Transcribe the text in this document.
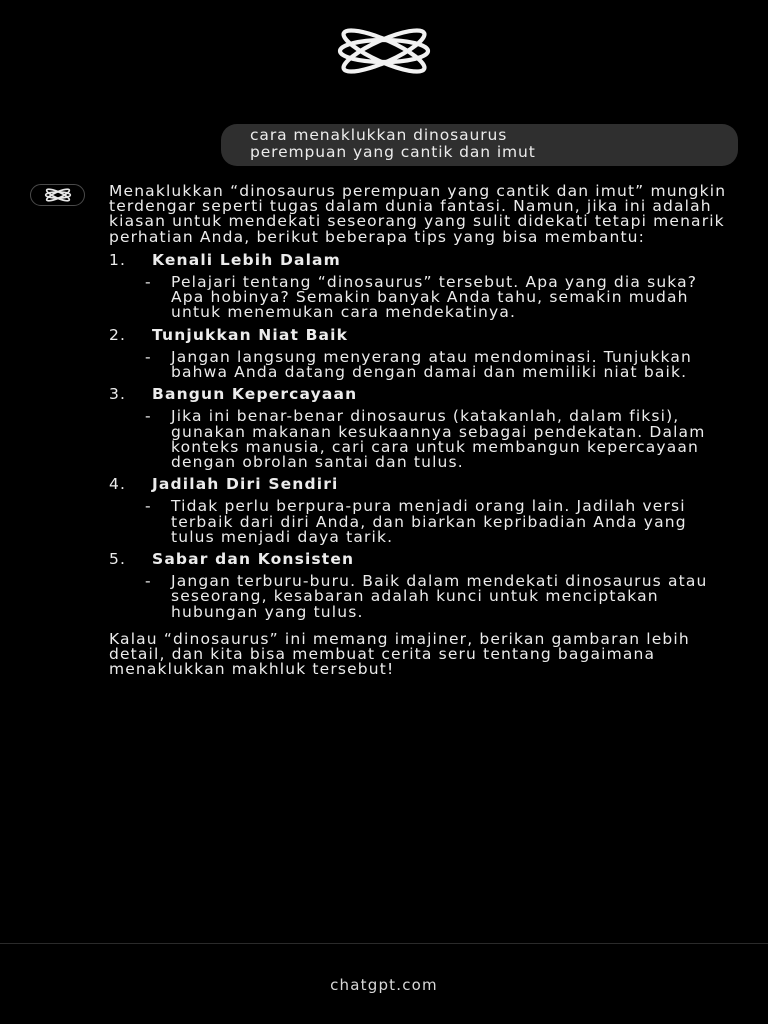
cara menaklukkan dinosaurus
perempuan yang cantik dan imut

Menaklukkan “dinosaurus perempuan yang cantik dan imut” mungkin terdengar seperti tugas dalam dunia fantasi. Namun, jika ini adalah kiasan untuk mendekati seseorang yang sulit didekati tetapi menarik perhatian Anda, berikut beberapa tips yang bisa membantu:

1.	Kenali Lebih Dalam
- Pelajari tentang “dinosaurus” tersebut. Apa yang dia suka? Apa hobinya? Semakin banyak Anda tahu, semakin mudah untuk menemukan cara mendekatinya.
2.	Tunjukkan Niat Baik
- Jangan langsung menyerang atau mendominasi. Tunjukkan bahwa Anda datang dengan damai dan memiliki niat baik.
3.	Bangun Kepercayaan
- Jika ini benar-benar dinosaurus (katakanlah, dalam fiksi), gunakan makanan kesukaannya sebagai pendekatan. Dalam konteks manusia, cari cara untuk membangun kepercayaan dengan obrolan santai dan tulus.
4.	Jadilah Diri Sendiri
- Tidak perlu berpura-pura menjadi orang lain. Jadilah versi terbaik dari diri Anda, dan biarkan kepribadian Anda yang tulus menjadi daya tarik.
5.	Sabar dan Konsisten
- Jangan terburu-buru. Baik dalam mendekati dinosaurus atau seseorang, kesabaran adalah kunci untuk menciptakan hubungan yang tulus.

Kalau “dinosaurus” ini memang imajiner, berikan gambaran lebih detail, dan kita bisa membuat cerita seru tentang bagaimana menaklukkan makhluk tersebut!

chatgpt.com
